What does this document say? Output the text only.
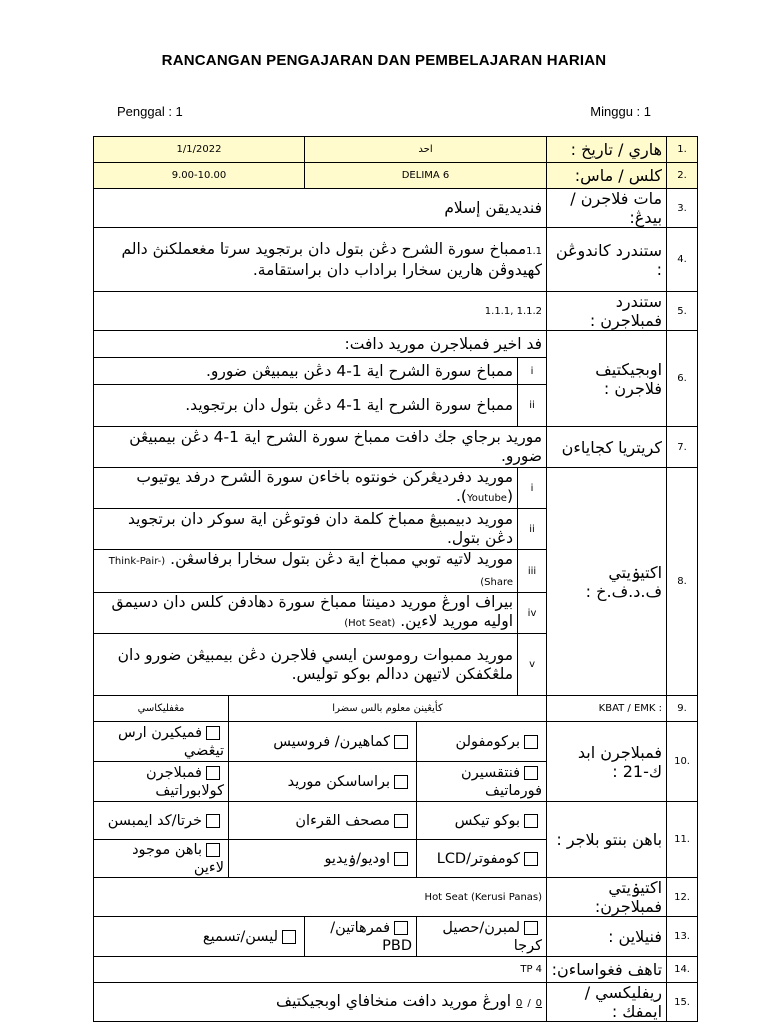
RANCANGAN PENGAJARAN DAN PEMBELAJARAN HARIAN
Penggal : 1	Minggu : 1
1/1/2022		احد			هاري / تاريخ :	1.
9.00-10.00		DELIMA 6			كلس / ماس:	2.
فنديديقن إسلام					مات فلاجرن / بيدڠ:	3.
1.1ممباخ سورة الشرح دڠن بتول دان برتجويد سرتا مغعملكنڽ دالم كهيدوڤن هارين سخارا براداب دان براستقامة.					ستندرد كاندوڠن :	4.
1.1.1, 1.1.2					ستندرد فمبلاجرن :	5.
فد اخير فمبلاجرن موريد دافت:					اوبجيكتيف فلاجرن :	6.
ممباخ سورة الشرح اية 1-4 دڠن بيمبيڠن ضورو.				i		
ممباخ سورة الشرح اية 1-4 دڠن بتول دان برتجويد.				ii		
موريد برجاي جك دافت ممباخ سورة الشرح اية 1-4 دڠن بيمبيڠن ضورو.					كريتريا كجاياءن	7.
موريد دفرديڠركن خونتوه باخاءن سورة الشرح درفد يوتيوب (Youtube).				i	اكتيۏيتي ف.د.ف.خ :	8.
موريد دبيمبيڠ ممباخ كلمة دان فوتوڠن اية سوكر دان برتجويد دڠن بتول.				ii		
موريد لاتيه توبي ممباخ اية دڠن بتول سخارا برفاسڠن. (Think-Pair-Share)				iii		
بيراف اورڠ موريد دمينتا ممباخ سورة دهادفن كلس دان دسيمق اوليه موريد لاءين. (Hot Seat)				iv		
موريد ممبوات روموسن ايسي فلاجرن دڠن بيمبيڠن ضورو دان ملڠكفكن لاتيهن ددالم بوكو توليس.				v		
مڠفليكاسي	كأيڠينن معلوم بالس سضرا				KBAT / EMK :	9.
فميكيرن ارس تيڠضي	كماهيرن/ فروسيس		بركومفولن		فمبلاجرن ابد ك-21 :	10.
فمبلاجرن كولابوراتيف	براساسكن موريد		فنتقسيرن فورماتيف			
خرتا/كد ايمبسن	مصحف القرءان		بوكو تيكس		باهن بنتو بلاجر :	11.
باهن موجود لاءين	اوديو/ۏيديو		كومفوتر/LCD			
Hot Seat (Kerusi Panas)					اكتيۏيتي فمبلاجرن:	12.
ليسن/تسميع		فمرهاتين/ PBD	لمبرن/حصيل كرجا		فنيلاين :	13.
TP 4					تاهف فغواساءن:	14.
0 / 0 اورڠ موريد دافت منخافاي اوبجيكتيف					ريفليكسي / ايمفك :	15.
